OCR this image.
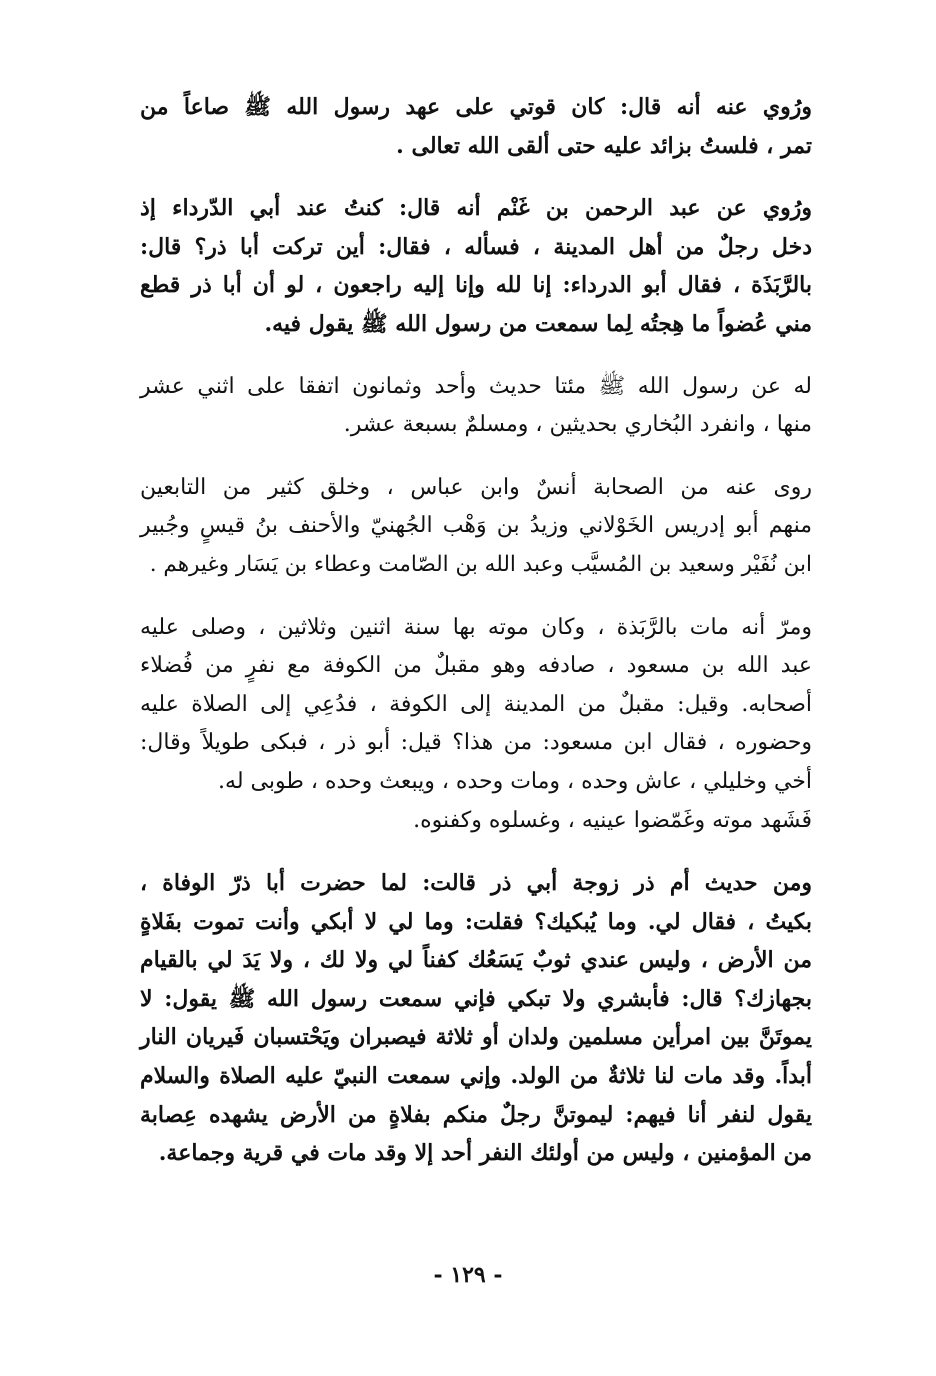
ورُوي عنه أنه قال: كان قوتي على عهد رسول الله ﷺ صاعاً من
تمر ، فلستُ بزائد عليه حتى ألقى الله تعالى .
ورُوي عن عبد الرحمن بن غَنْم أنه قال: كنتُ عند أبي الدّرداء إذ
دخل رجلٌ من أهل المدينة ، فسأله ، فقال: أين تركت أبا ذر؟ قال:
بالرَّبَذَة ، فقال أبو الدرداء: إنا لله وإنا إليه راجعون ، لو أن أبا ذر قطع
مني عُضواً ما هِجتُه لِما سمعت من رسول الله ﷺ يقول فيه.
له عن رسول الله ﷺ مئتا حديث وأحد وثمانون اتفقا على اثني عشر
منها ، وانفرد البُخاري بحديثين ، ومسلمٌ بسبعة عشر.
روى عنه من الصحابة أنسٌ وابن عباس ، وخلق كثير من التابعين
منهم أبو إدريس الخَوْلاني وزيدُ بن وَهْب الجُهنيّ والأحنف بنُ قيسٍ وجُبير
ابن نُفَيْر وسعيد بن المُسيَّب وعبد الله بن الصّامت وعطاء بن يَسَار وغيرهم .
ومرّ أنه مات بالرَّبَذة ، وكان موته بها سنة اثنين وثلاثين ، وصلى عليه
عبد الله بن مسعود ، صادفه وهو مقبلٌ من الكوفة مع نفرٍ من فُضلاء
أصحابه. وقيل: مقبلٌ من المدينة إلى الكوفة ، فدُعِي إلى الصلاة عليه
وحضوره ، فقال ابن مسعود: من هذا؟ قيل: أبو ذر ، فبكى طويلاً وقال:
أخي وخليلي ، عاش وحده ، ومات وحده ، ويبعث وحده ، طوبى له.
فَشَهد موته وغَمّضوا عينيه ، وغسلوه وكفنوه.
ومن حديث أم ذر زوجة أبي ذر قالت: لما حضرت أبا ذرّ الوفاة ،
بكيتُ ، فقال لي. وما يُبكيك؟ فقلت: وما لي لا أبكي وأنت تموت بفَلاةٍ
من الأرض ، وليس عندي ثوبٌ يَسَعُك كفناً لي ولا لك ، ولا يَدَ لي بالقيام
بجهازك؟ قال: فأبشري ولا تبكي فإني سمعت رسول الله ﷺ يقول: لا
يموتَنَّ بين امرأين مسلمين ولدان أو ثلاثة فيصبران ويَحْتسبان فَيريان النار
أبداً. وقد مات لنا ثلاثةٌ من الولد. وإني سمعت النبيّ عليه الصلاة والسلام
يقول لنفر أنا فيهم: ليموتنَّ رجلٌ منكم بفلاةٍ من الأرض يشهده عِصابة
من المؤمنين ، وليس من أولئك النفر أحد إلا وقد مات في قرية وجماعة.
- ١٢٩ -
